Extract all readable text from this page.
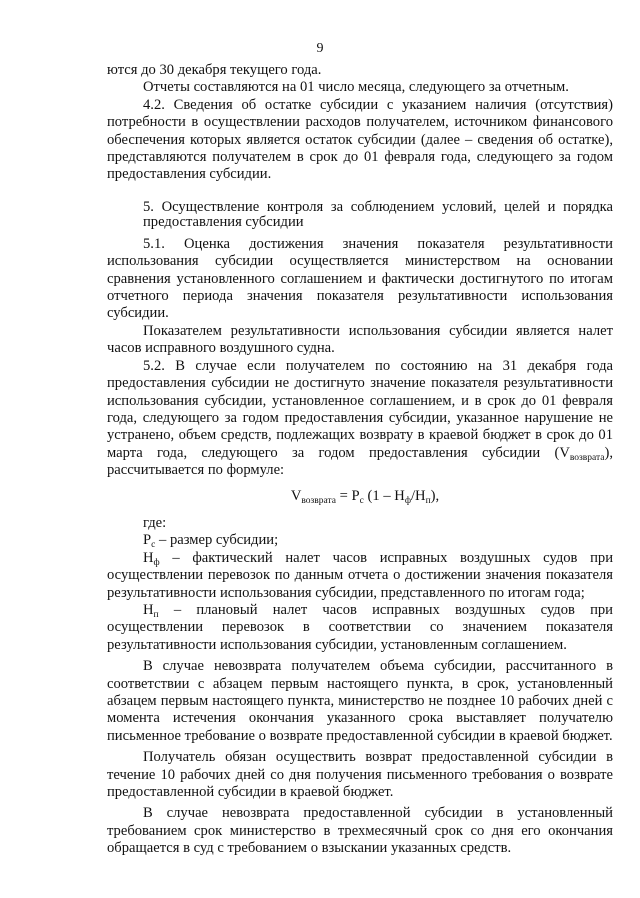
9

ются до 30 декабря текущего года.

Отчеты составляются на 01 число месяца, следующего за отчетным.

4.2. Сведения об остатке субсидии с указанием наличия (отсутствия) потребности в осуществлении расходов получателем, источником финансового обеспечения которых является остаток субсидии (далее – сведения об остатке), представляются получателем в срок до 01 февраля года, следующего за годом предоставления субсидии.

5. Осуществление контроля за соблюдением условий, целей и порядка предоставления субсидии

5.1. Оценка достижения значения показателя результативности использования субсидии осуществляется министерством на основании сравнения установленного соглашением и фактически достигнутого по итогам отчетного периода значения показателя результативности использования субсидии.

Показателем результативности использования субсидии является налет часов исправного воздушного судна.

5.2. В случае если получателем по состоянию на 31 декабря года предоставления субсидии не достигнуто значение показателя результативности использования субсидии, установленное соглашением, и в срок до 01 февраля года, следующего за годом предоставления субсидии, указанное нарушение не устранено, объем средств, подлежащих возврату в краевой бюджет в срок до 01 марта года, следующего за годом предоставления субсидии $(V_{возврата})$, рассчитывается по формуле:

$V_{возврата} = P_c$ $(1 - Н_ф/Н_п)$,

где:

$P_c$ – размер субсидии;

$Н_ф$ – фактический налет часов исправных воздушных судов при осуществлении перевозок по данным отчета о достижении значения показателя результативности использования субсидии, представленного по итогам года;

$Н_п$ – плановый налет часов исправных воздушных судов при осуществлении перевозок в соответствии со значением показателя результативности использования субсидии, установленным соглашением.

В случае невозврата получателем объема субсидии, рассчитанного в соответствии с абзацем первым настоящего пункта, в срок, установленный абзацем первым настоящего пункта, министерство не позднее 10 рабочих дней с момента истечения окончания указанного срока выставляет получателю письменное требование о возврате предоставленной субсидии в краевой бюджет.

Получатель обязан осуществить возврат предоставленной субсидии в течение 10 рабочих дней со дня получения письменного требования о возврате предоставленной субсидии в краевой бюджет.

В случае невозврата предоставленной субсидии в установленный требованием срок министерство в трехмесячный срок со дня его окончания обращается в суд с требованием о взыскании указанных средств.
